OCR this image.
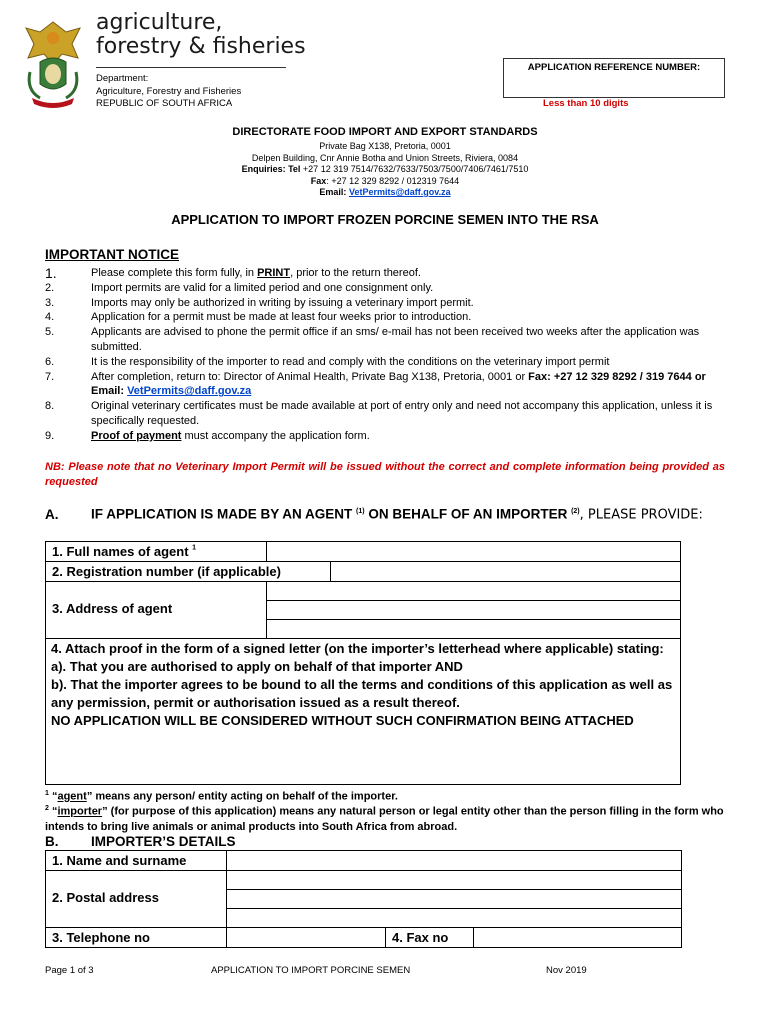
agriculture,
forestry & fisheries
Department:
Agriculture, Forestry and Fisheries
REPUBLIC OF SOUTH AFRICA
APPLICATION REFERENCE NUMBER:
Less than 10 digits
DIRECTORATE FOOD IMPORT AND EXPORT STANDARDS
Private Bag X138, Pretoria, 0001
Delpen Building, Cnr Annie Botha and Union Streets, Riviera, 0084
Enquiries: Tel +27 12 319 7514/7632/7633/7503/7500/7406/7461/7510
Fax: +27 12 329 8292 / 012319 7644
Email: VetPermits@daff.gov.za
APPLICATION TO IMPORT FROZEN PORCINE SEMEN INTO THE RSA
IMPORTANT NOTICE
1.	Please complete this form fully, in PRINT, prior to the return thereof.
2.	Import permits are valid for a limited period and one consignment only.
3.	Imports may only be authorized in writing by issuing a veterinary import permit.
4.	Application for a permit must be made at least four weeks prior to introduction.
5.	Applicants are advised to phone the permit office if an sms/ e-mail has not been received two weeks after the application was submitted.
6.	It is the responsibility of the importer to read and comply with the conditions on the veterinary import permit
7.	After completion, return to: Director of Animal Health, Private Bag X138, Pretoria, 0001 or Fax: +27 12 329 8292 / 319 7644 or Email: VetPermits@daff.gov.za
8.	Original veterinary certificates must be made available at port of entry only and need not accompany this application, unless it is specifically requested.
9.	Proof of payment must accompany the application form.
NB: Please note that no Veterinary Import Permit will be issued without the correct and complete information being provided as requested
A. IF APPLICATION IS MADE BY AN AGENT $^{(1)}$ ON BEHALF OF AN IMPORTER $^{(2)}$, PLEASE PROVIDE:
1. Full names of agent $^1$
2. Registration number (if applicable)
3. Address of agent
4. Attach proof in the form of a signed letter (on the importer’s letterhead where applicable) stating:
a). That you are authorised to apply on behalf of that importer AND
b). That the importer agrees to be bound to all the terms and conditions of this application as well as any permission, permit or authorisation issued as a result thereof.
NO APPLICATION WILL BE CONSIDERED WITHOUT SUCH CONFIRMATION BEING ATTACHED
$^1$ “agent” means any person/ entity acting on behalf of the importer.
$^2$ “importer” (for purpose of this application) means any natural person or legal entity other than the person filling in the form who intends to bring live animals or animal products into South Africa from abroad.
B. IMPORTER’S DETAILS
1. Name and surname
2. Postal address
3. Telephone no	4. Fax no
Page 1 of 3	APPLICATION TO IMPORT PORCINE SEMEN	Nov 2019
